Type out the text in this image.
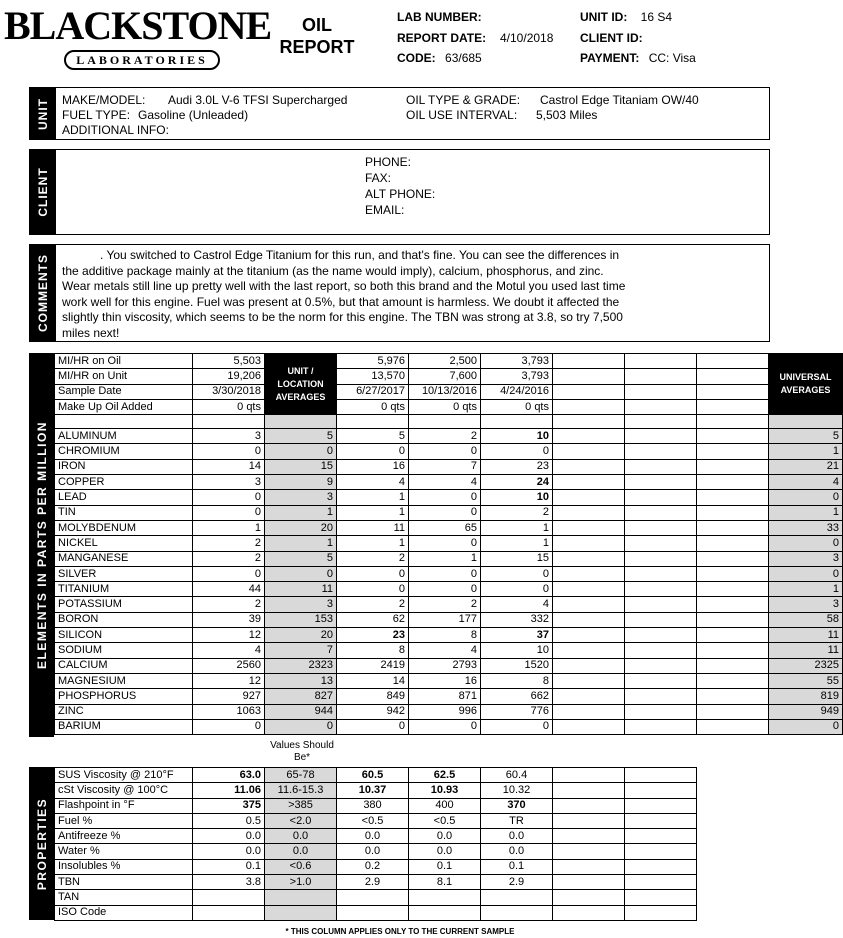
BLACKSTONE
LABORATORIES
OIL
REPORT
LAB NUMBER:
REPORT DATE: 4/10/2018
CODE: 63/685
UNIT ID: 16 S4
CLIENT ID:
PAYMENT: CC: Visa
UNIT MAKE/MODEL: Audi 3.0L V-6 TFSI Supercharged
FUEL TYPE: Gasoline (Unleaded)
ADDITIONAL INFO:
OIL TYPE & GRADE: Castrol Edge Titaniam OW/40
OIL USE INTERVAL: 5,503 Miles
CLIENT
PHONE:
FAX:
ALT PHONE:
EMAIL:
COMMENTS	. You switched to Castrol Edge Titanium for this run, and that's fine. You can see the differences in
the additive package mainly at the titanium (as the name would imply), calcium, phosphorus, and zinc.
Wear metals still line up pretty well with the last report, so both this brand and the Motul you used last time
work well for this engine. Fuel was present at 0.5%, but that amount is harmless. We doubt it affected the
slightly thin viscosity, which seems to be the norm for this engine. The TBN was strong at 3.8, so try 7,500
miles next!
ELEMENTS IN PARTS PER MILLION
MI/HR on Oil	5,503	UNIT / LOCATION AVERAGES	5,976	2,500	3,793				UNIVERSAL AVERAGES
MI/HR on Unit	19,206		13,570	7,600	3,793				
Sample Date	3/30/2018		6/27/2017	10/13/2016	4/24/2016				
Make Up Oil Added	0 qts		0 qts	0 qts	0 qts				

ALUMINUM	3	5	5	2	10				5
CHROMIUM	0	0	0	0	0				1
IRON	14	15	16	7	23				21
COPPER	3	9	4	4	24				4
LEAD	0	3	1	0	10				0
TIN	0	1	1	0	2				1
MOLYBDENUM	1	20	11	65	1				33
NICKEL	2	1	1	0	1				0
MANGANESE	2	5	2	1	15				3
SILVER	0	0	0	0	0				0
TITANIUM	44	11	0	0	0				1
POTASSIUM	2	3	2	2	4				3
BORON	39	153	62	177	332				58
SILICON	12	20	23	8	37				11
SODIUM	4	7	8	4	10				11
CALCIUM	2560	2323	2419	2793	1520				2325
MAGNESIUM	12	13	14	16	8				55
PHOSPHORUS	927	827	849	871	662				819
ZINC	1063	944	942	996	776				949
BARIUM	0	0	0	0	0				0
Values Should Be*
PROPERTIES
SUS Viscosity @ 210°F	63.0	65-78	60.5	62.5	60.4		
cSt Viscosity @ 100°C	11.06	11.6-15.3	10.37	10.93	10.32		
Flashpoint in °F	375	>385	380	400	370		
Fuel %	0.5	<2.0	<0.5	<0.5	TR		
Antifreeze %	0.0	0.0	0.0	0.0	0.0		
Water %	0.0	0.0	0.0	0.0	0.0		
Insolubles %	0.1	<0.6	0.2	0.1	0.1		
TBN	3.8	>1.0	2.9	8.1	2.9		
TAN							
ISO Code							
* THIS COLUMN APPLIES ONLY TO THE CURRENT SAMPLE
